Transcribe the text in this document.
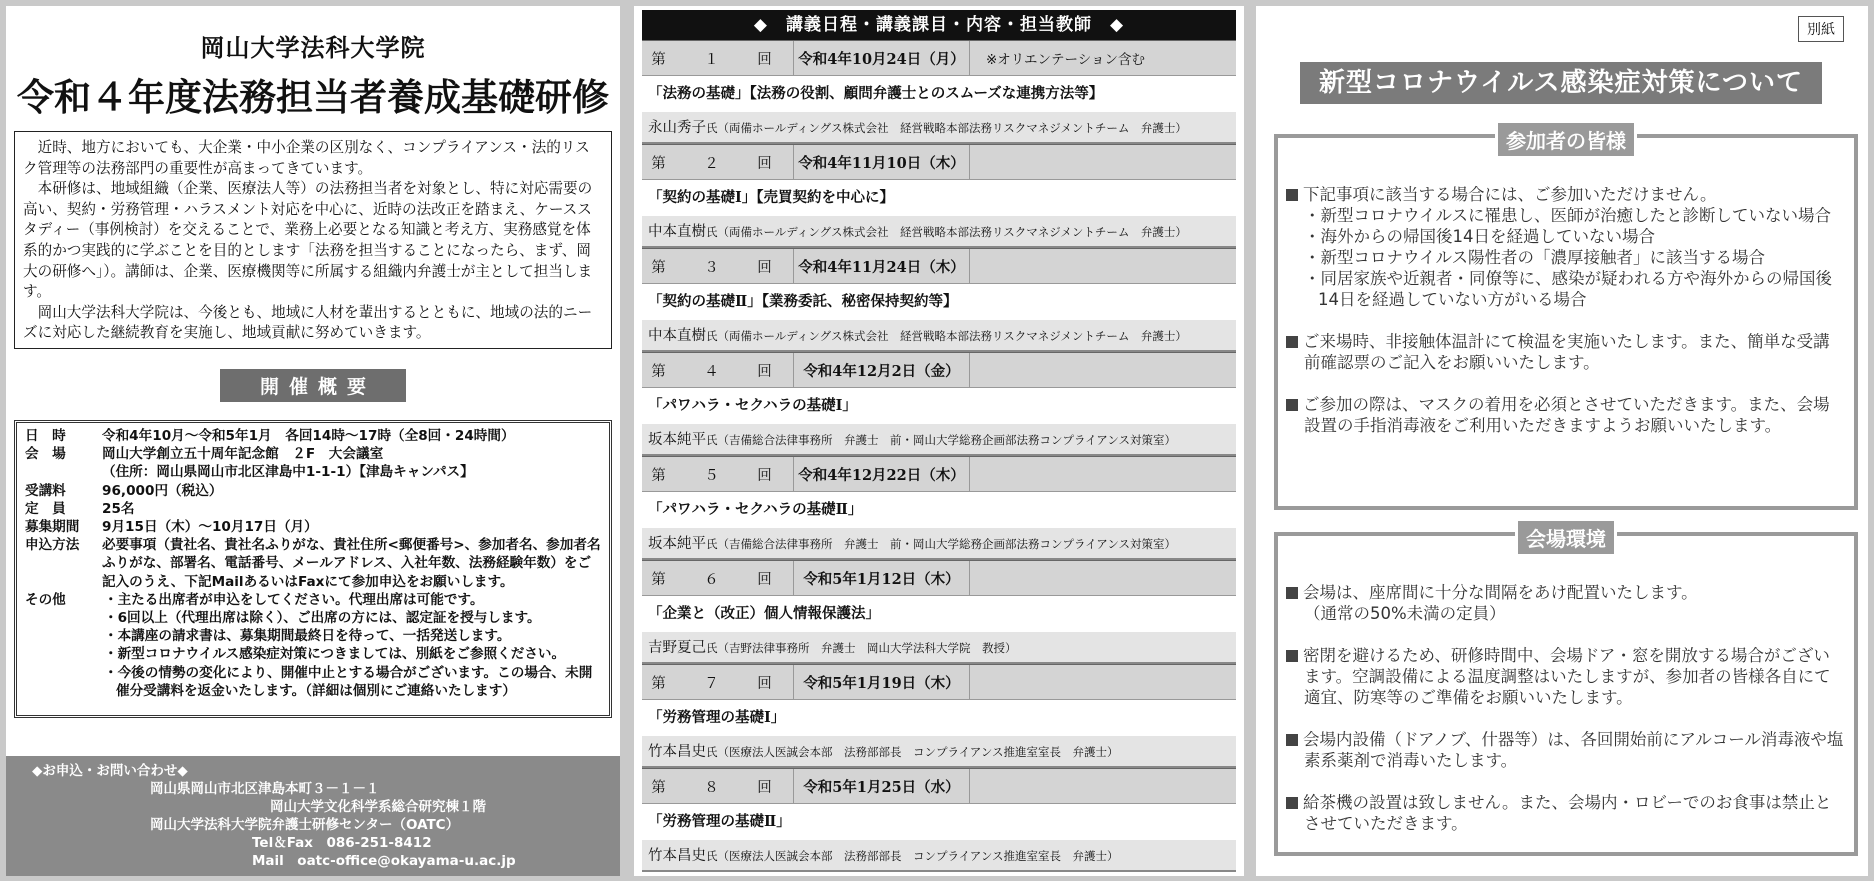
岡山大学法科大学院
令和４年度法務担当者養成基礎研修

近時、地方においても、大企業・中小企業の区別なく、コンプライアンス・法的リスク管理等の法務部門の重要性が高まってきています。

本研修は、地域組織（企業、医療法人等）の法務担当者を対象とし、特に対応需要の高い、契約・労務管理・ハラスメント対応を中心に、近時の法改正を踏まえ、ケーススタディー（事例検討）を交えることで、業務上必要となる知識と考え方、実務感覚を体系的かつ実践的に学ぶことを目的とします「法務を担当することになったら、まず、岡大の研修へ」）。講師は、企業、医療機関等に所属する組織内弁護士が主として担当します。

岡山大学法科大学院は、今後とも、地域に人材を輩出するとともに、地域の法的ニーズに対応した継続教育を実施し、地域貢献に努めていきます。

開催概要
日　時	令和4年10月～令和5年1月　各回14時～17時（全8回・24時間）
会　場	岡山大学創立五十周年記念館　２F　大会議室
（住所：岡山県岡山市北区津島中1-1-1）【津島キャンパス】
受講料	96,000円（税込）
定　員	25名
募集期間	9月15日（木）～10月17日（月）
申込方法	必要事項（貴社名、貴社名ふりがな、貴社住所<郵便番号>、参加者名、参加者名ふりがな、部署名、電話番号、メールアドレス、入社年数、法務経験年数）をご記入のうえ、下記MailあるいはFaxにて参加申込をお願いします。
その他	・主たる出席者が申込をしてください。代理出席は可能です。
・6回以上（代理出席は除く）、ご出席の方には、認定証を授与します。
・本講座の請求書は、募集期間最終日を待って、一括発送します。
・新型コロナウイルス感染症対策につきましては、別紙をご参照ください。
・今後の情勢の変化により、開催中止とする場合がございます。この場合、未開催分受講料を返金いたします。（詳細は個別にご連絡いたします）
◆お申込・お問い合わせ◆
岡山県岡山市北区津島本町３－１－１
岡山大学文化科学系総合研究棟１階
岡山大学法科大学院弁護士研修センター（OATC）
Tel＆Fax　086-251-8412
Mail　oatc-office@okayama-u.ac.jp
◆　講義日程・講義課目・内容・担当教師　◆
第　１　回	令和4年10月24日（月）	※オリエンテーション含む
「法務の基礎」【法務の役割、顧問弁護士とのスムーズな連携方法等】
永山秀子氏（両備ホールディングス株式会社　経営戦略本部法務リスクマネジメントチーム　弁護士）
第　２　回	令和4年11月10日（木）
「契約の基礎Ⅰ」【売買契約を中心に】
中本直樹氏（両備ホールディングス株式会社　経営戦略本部法務リスクマネジメントチーム　弁護士）
第　３　回	令和4年11月24日（木）
「契約の基礎Ⅱ」【業務委託、秘密保持契約等】
中本直樹氏（両備ホールディングス株式会社　経営戦略本部法務リスクマネジメントチーム　弁護士）
第　４　回	令和4年12月2日（金）
「パワハラ・セクハラの基礎Ⅰ」
坂本純平氏（吉備総合法律事務所　弁護士　前・岡山大学総務企画部法務コンプライアンス対策室）
第　５　回	令和4年12月22日（木）
「パワハラ・セクハラの基礎Ⅱ」
坂本純平氏（吉備総合法律事務所　弁護士　前・岡山大学総務企画部法務コンプライアンス対策室）
第　６　回	令和5年1月12日（木）
「企業と（改正）個人情報保護法」
吉野夏己氏（吉野法律事務所　弁護士　岡山大学法科大学院　教授）
第　７　回	令和5年1月19日（木）
「労務管理の基礎Ⅰ」
竹本昌史氏（医療法人医誠会本部　法務部部長　コンプライアンス推進室室長　弁護士）
第　８　回	令和5年1月25日（水）
「労務管理の基礎Ⅱ」
竹本昌史氏（医療法人医誠会本部　法務部部長　コンプライアンス推進室室長　弁護士）
別紙
新型コロナウイルス感染症対策について
参加者の皆様
下記事項に該当する場合には、ご参加いただけません。
・新型コロナウイルスに罹患し、医師が治癒したと診断していない場合
・海外からの帰国後14日を経過していない場合
・新型コロナウイルス陽性者の「濃厚接触者」に該当する場合
・同居家族や近親者・同僚等に、感染が疑われる方や海外からの帰国後14日を経過していない方がいる場合
ご来場時、非接触体温計にて検温を実施いたします。また、簡単な受講前確認票のご記入をお願いいたします。
ご参加の際は、マスクの着用を必須とさせていただきます。また、会場設置の手指消毒液をご利用いただきますようお願いいたします。
会場環境
会場は、座席間に十分な間隔をあけ配置いたします。
（通常の50%未満の定員）
密閉を避けるため、研修時間中、会場ドア・窓を開放する場合がございます。空調設備による温度調整はいたしますが、参加者の皆様各自にて適宜、防寒等のご準備をお願いいたします。
会場内設備（ドアノブ、什器等）は、各回開始前にアルコール消毒液や塩素系薬剤で消毒いたします。
給茶機の設置は致しません。また、会場内・ロビーでのお食事は禁止とさせていただきます。
